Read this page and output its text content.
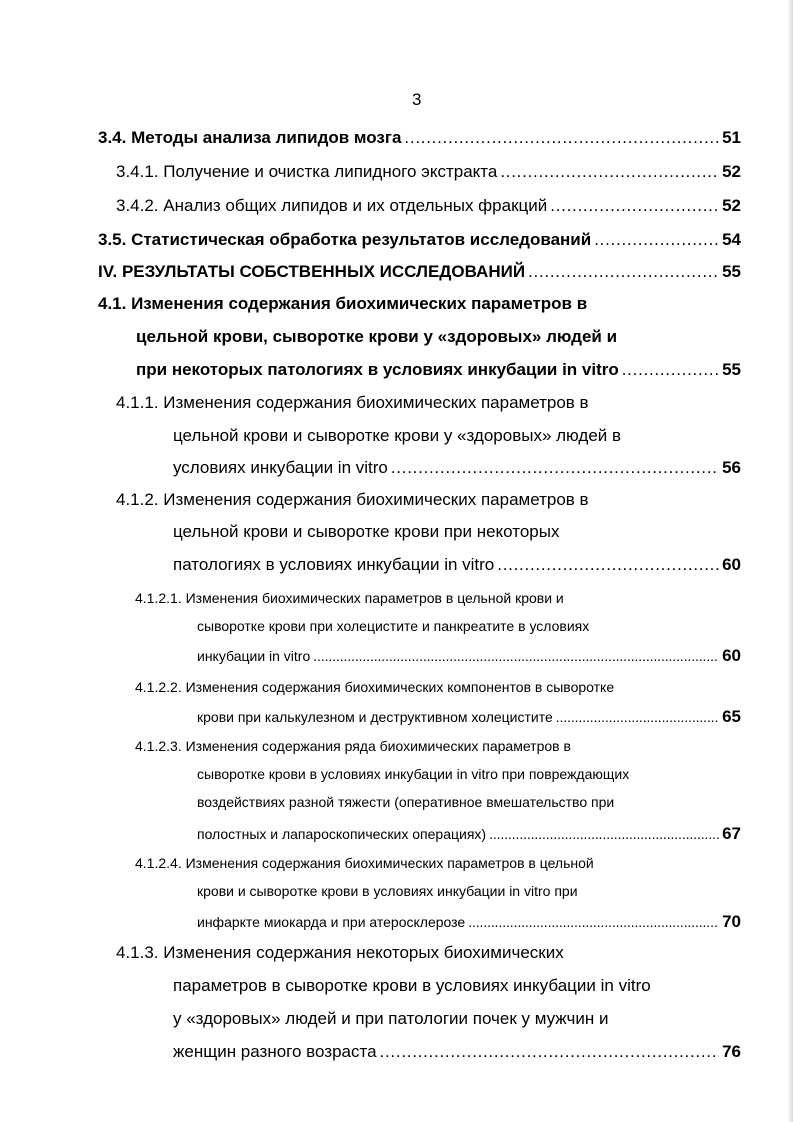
3
3.4. Методы анализа липидов мозга . . .	51
3.4.1. Получение и очистка липидного экстракта . . .	52
3.4.2. Анализ общих липидов и их отдельных фракций . . .	52
3.5. Статистическая обработка результатов исследований . . .	54
IV. РЕЗУЛЬТАТЫ СОБСТВЕННЫХ ИССЛЕДОВАНИЙ . . .	55
4.1. Изменения содержания биохимических параметров в
цельной крови, сыворотке крови у «здоровых» людей и
при некоторых патологиях в условиях инкубации in vitro . . .	55
4.1.1. Изменения содержания биохимических параметров в
цельной крови и сыворотке крови у «здоровых» людей в
условиях инкубации in vitro . . .	56
4.1.2. Изменения содержания биохимических параметров в
цельной крови и сыворотке крови при некоторых
патологиях в условиях инкубации in vitro . . .	60
4.1.2.1. Изменения биохимических параметров в цельной крови и
сыворотке крови при холецистите и панкреатите в условиях
инкубации in vitro . . .	60
4.1.2.2. Изменения содержания биохимических компонентов в сыворотке
крови при калькулезном и деструктивном холецистите . . .	65
4.1.2.3. Изменения содержания ряда биохимических параметров в
сыворотке крови в условиях инкубации in vitro при повреждающих
воздействиях разной тяжести (оперативное вмешательство при
полостных и лапароскопических операциях) . . .	67
4.1.2.4. Изменения содержания биохимических параметров в цельной
крови и сыворотке крови в условиях инкубации in vitro при
инфаркте миокарда и при атеросклерозе . . .	70
4.1.3. Изменения содержания некоторых биохимических
параметров в сыворотке крови в условиях инкубации in vitro
у «здоровых» людей и при патологии почек у мужчин и
женщин разного возраста . . .	76
